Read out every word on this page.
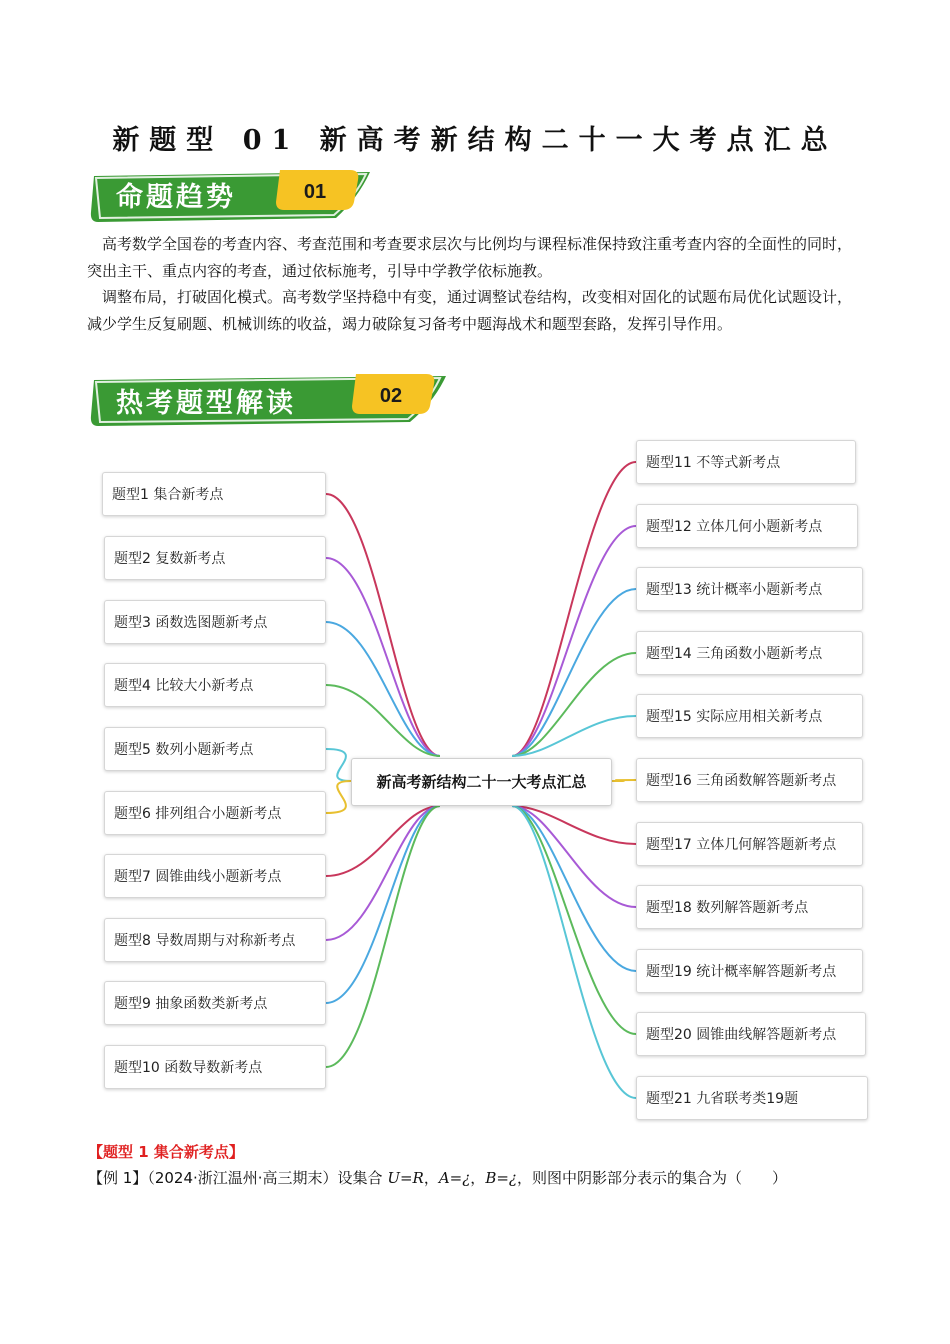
新题型 01 新高考新结构二十一大考点汇总
01
命题趋势
高考数学全国卷的考查内容、考查范围和考查要求层次与比例均与课程标准保持致注重考查内容的全面性的同时，突出主干、重点内容的考查，通过依标施考，引导中学教学依标施教。
调整布局，打破固化模式。高考数学坚持稳中有变，通过调整试卷结构，改变相对固化的试题布局优化试题设计，减少学生反复刷题、机械训练的收益，竭力破除复习备考中题海战术和题型套路，发挥引导作用。
02
热考题型解读
新高考新结构二十一大考点汇总
题型1 集合新考点
题型2 复数新考点
题型3 函数选图题新考点
题型4 比较大小新考点
题型5 数列小题新考点
题型6 排列组合小题新考点
题型7 圆锥曲线小题新考点
题型8 导数周期与对称新考点
题型9 抽象函数类新考点
题型10 函数导数新考点
题型11 不等式新考点
题型12 立体几何小题新考点
题型13 统计概率小题新考点
题型14 三角函数小题新考点
题型15 实际应用相关新考点
题型16 三角函数解答题新考点
题型17 立体几何解答题新考点
题型18 数列解答题新考点
题型19 统计概率解答题新考点
题型20 圆锥曲线解答题新考点
题型21 九省联考类19题
【题型 1 集合新考点】
【例 1】（2024·浙江温州·高三期末）设集合 U=R，A=¿，B=¿，则图中阴影部分表示的集合为（　　）
